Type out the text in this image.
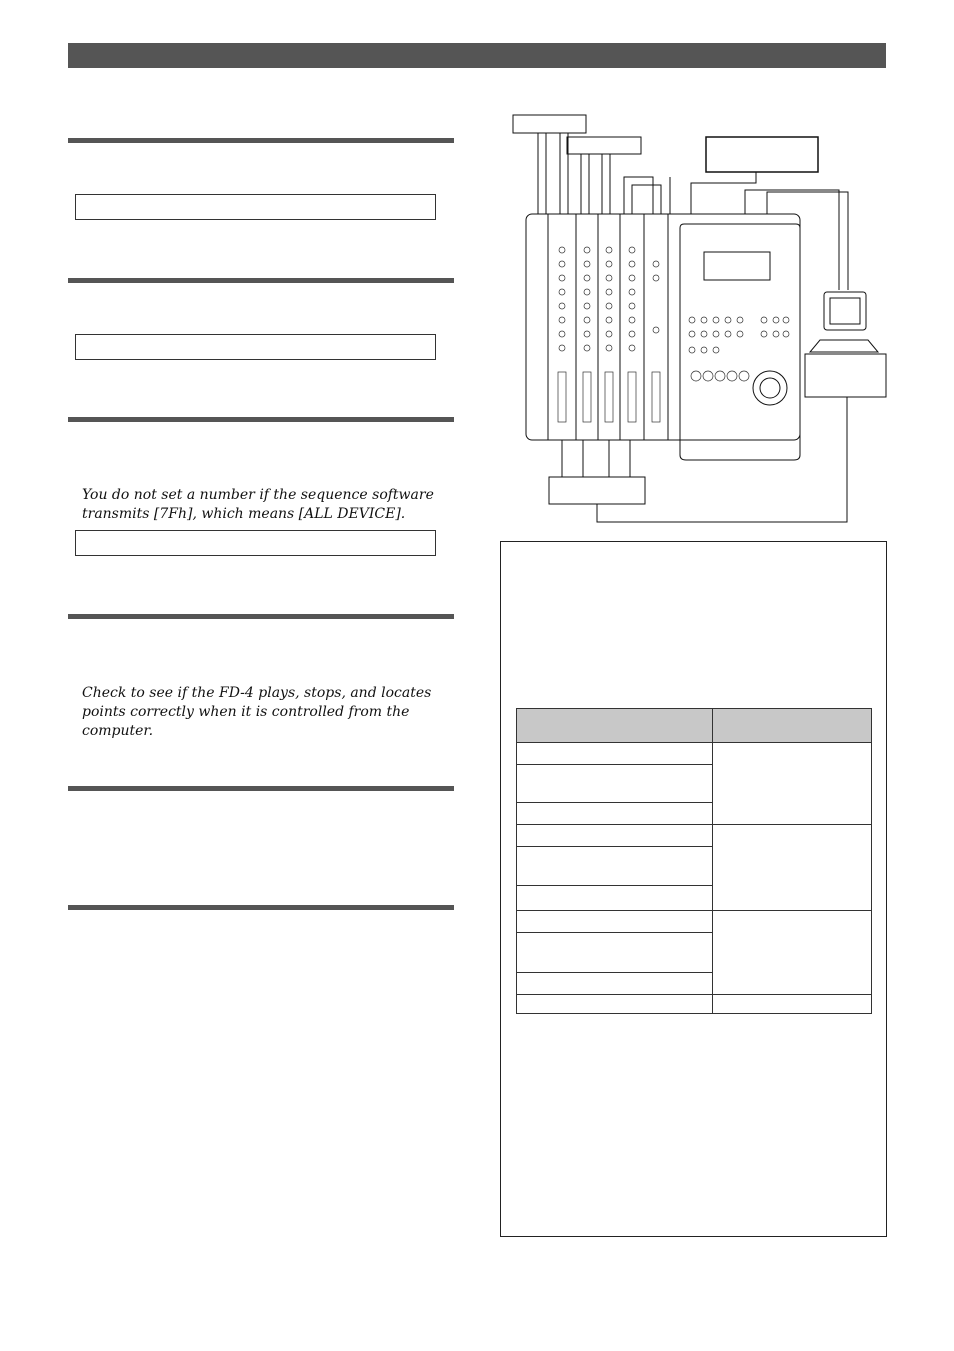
You do not set a number if the sequence software transmits [7Fh], which means [ALL DEVICE].
Check to see if the FD-4 plays, stops, and locates points correctly when it is controlled from the computer.
